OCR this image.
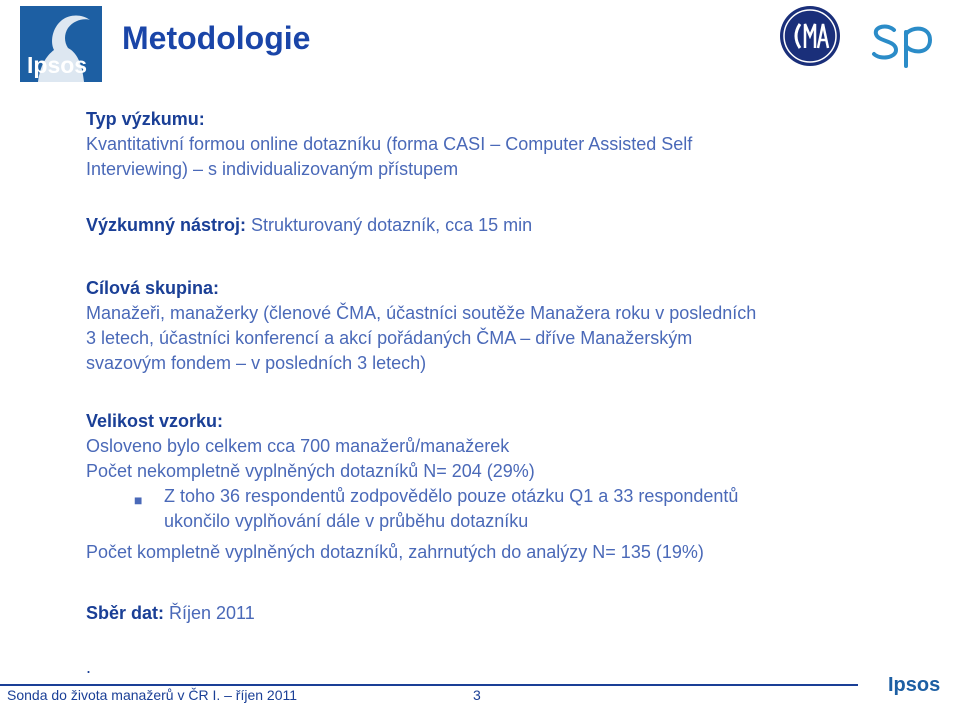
Ipsos
Metodologie
Typ výzkumu:
Kvantitativní formou online dotazníku (forma CASI – Computer Assisted Self
Interviewing) – s individualizovaným přístupem
Výzkumný nástroj: Strukturovaný dotazník, cca 15 min
Cílová skupina:
Manažeři, manažerky (členové ČMA, účastníci soutěže Manažera roku v posledních
3 letech, účastníci konferencí a akcí pořádaných ČMA – dříve Manažerským
svazovým fondem – v posledních 3 letech)
Velikost vzorku:
Osloveno bylo celkem cca 700 manažerů/manažerek
Počet nekompletně vyplněných dotazníků N= 204 (29%)
■ Z toho 36 respondentů zodpovědělo pouze otázku Q1 a 33 respondentů
ukončilo vyplňování dále v průběhu dotazníku
Počet kompletně vyplněných dotazníků, zahrnutých do analýzy N= 135 (19%)
Sběr dat: Říjen 2011
.
Sonda do života manažerů v ČR I. – říjen 2011	3	Ipsos
